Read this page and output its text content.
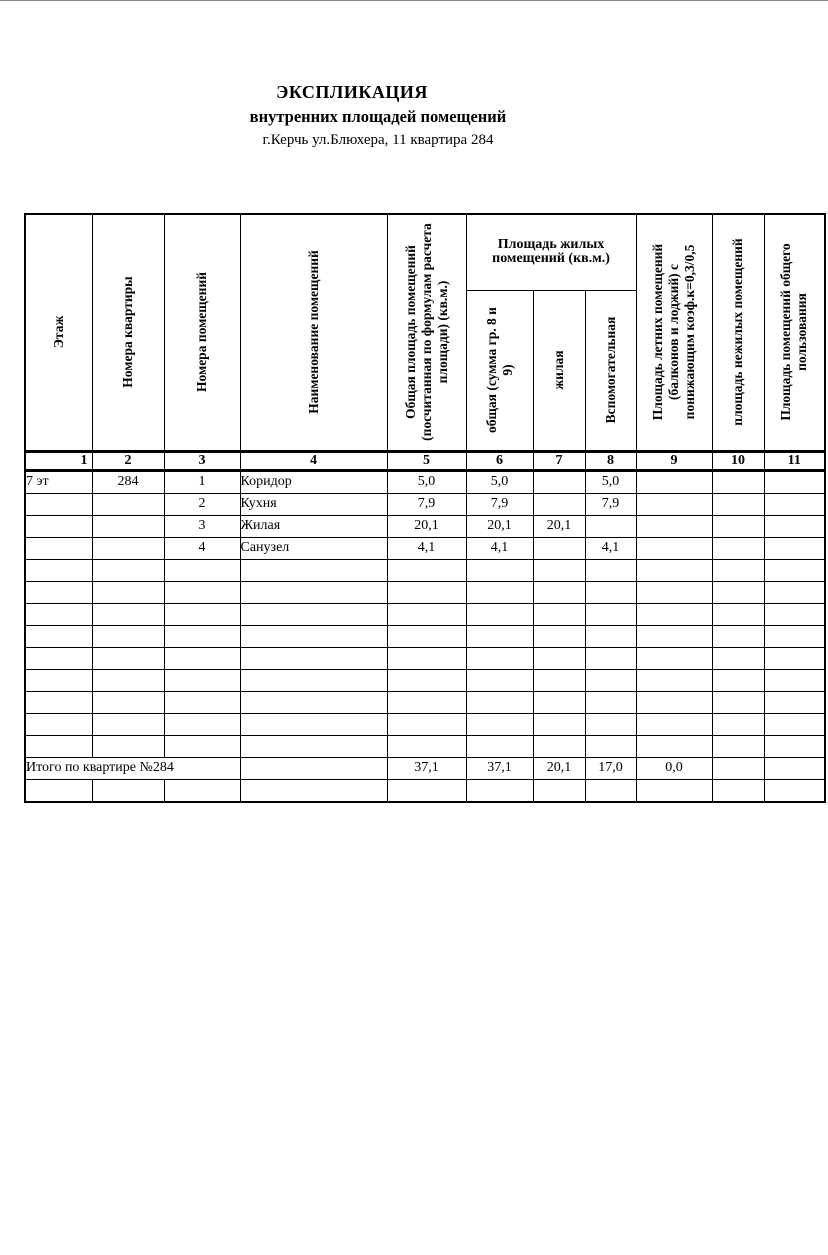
ЭКСПЛИКАЦИЯ
внутренних площадей помещений
г.Керчь ул.Блюхера, 11 квартира 284
Этаж	Номера квартиры	Номера помещений	Наименование помещений	Общая площадь помещений (посчитанная по формулам расчета площади) (кв.м.)	Площадь жилых помещений (кв.м.)			Площадь летних помещений (балконов и лоджий) с понижающим коэф.к=0,3/0,5	площадь нежилых помещений	Площадь помещений общего пользования

					общая (сумма гр. 8 и 9)	жилая	Вспомогательная			

1	2	3	4	5	6	7	8	9	10	11
7 эт	284	1	Коридор	5,0	5,0		5,0			
		2	Кухня	7,9	7,9		7,9			
		3	Жилая	20,1	20,1	20,1				
		4	Санузел	4,1	4,1		4,1			

Итого по квартире №284				37,1	37,1	20,1	17,0	0,0		
